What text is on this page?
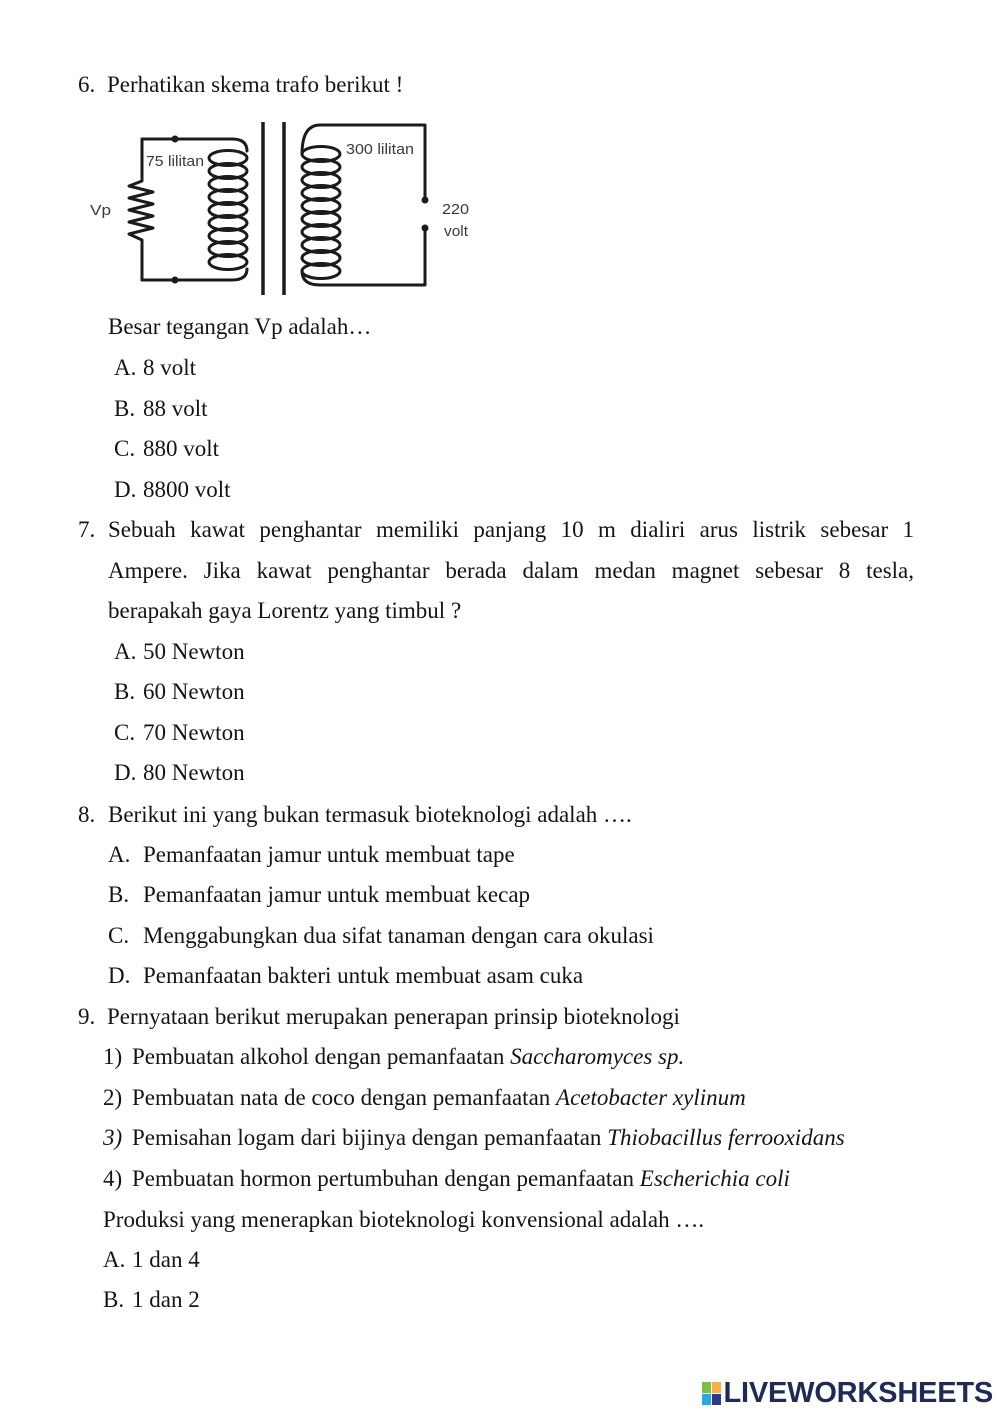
6. Perhatikan skema trafo berikut !
75 lilitan
300 lilitan
Vp	220
volt
Besar tegangan Vp adalah…
A. 8 volt
B. 88 volt
C. 880 volt
D. 8800 volt
7. Sebuah kawat penghantar memiliki panjang 10 m dialiri arus listrik sebesar 1
Ampere. Jika kawat penghantar berada dalam medan magnet sebesar 8 tesla,
berapakah gaya Lorentz yang timbul ?
A. 50 Newton
B. 60 Newton
C. 70 Newton
D. 80 Newton
8. Berikut ini yang bukan termasuk bioteknologi adalah ….
A. Pemanfaatan jamur untuk membuat tape
B. Pemanfaatan jamur untuk membuat kecap
C. Menggabungkan dua sifat tanaman dengan cara okulasi
D. Pemanfaatan bakteri untuk membuat asam cuka
9. Pernyataan berikut merupakan penerapan prinsip bioteknologi
1) Pembuatan alkohol dengan pemanfaatan Saccharomyces sp.
2) Pembuatan nata de coco dengan pemanfaatan Acetobacter xylinum
3) Pemisahan logam dari bijinya dengan pemanfaatan Thiobacillus ferrooxidans
4) Pembuatan hormon pertumbuhan dengan pemanfaatan Escherichia coli
Produksi yang menerapkan bioteknologi konvensional adalah ….
A. 1 dan 4
B. 1 dan 2
LIVEWORKSHEETS
